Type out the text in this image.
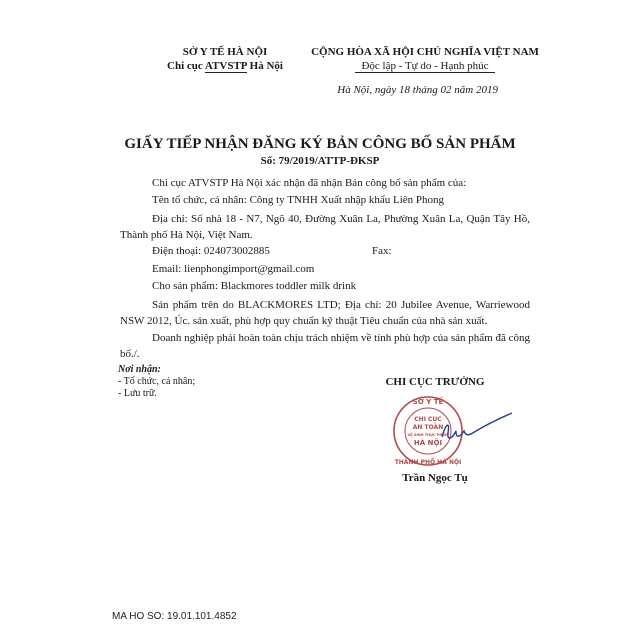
SỞ Y TẾ HÀ NỘI
Chi cục ATVSTP Hà Nội
CỘNG HÒA XÃ HỘI CHỦ NGHĨA VIỆT NAM
Độc lập - Tự do - Hạnh phúc
Hà Nội, ngày 18 tháng 02 năm 2019
GIẤY TIẾP NHẬN ĐĂNG KÝ BẢN CÔNG BỐ SẢN PHẨM
Số: 79/2019/ATTP-ĐKSP
Chi cục ATVSTP Hà Nội xác nhận đã nhận Bản công bố sản phẩm của:
Tên tổ chức, cá nhân: Công ty TNHH Xuất nhập khẩu Liên Phong
Địa chỉ: Số nhà 18 - N7, Ngõ 40, Đường Xuân La, Phường Xuân La, Quận Tây Hồ, Thành phố Hà Nội, Việt Nam.
Điện thoại: 024073002885	Fax:
Email: lienphongimport@gmail.com
Cho sản phẩm: Blackmores toddler milk drink
Sản phẩm trên do BLACKMORES LTD; Địa chỉ: 20 Jubilee Avenue, Warriewood NSW 2012, Úc. sản xuất, phù hợp quy chuẩn kỹ thuật Tiêu chuẩn của nhà sản xuất.
Doanh nghiệp phải hoàn toàn chịu trách nhiệm về tính phù hợp của sản phẩm đã công bố./.
Nơi nhận:
- Tổ chức, cá nhân;
- Lưu trữ.
CHI CỤC TRƯỞNG
SỞ Y TẾ
THÀNH PHỐ HÀ NỘI
CHI CỤC
AN TOÀN
VỆ SINH THỰC PHẨM
HÀ NỘI
Trần Ngọc Tụ
MA HO SO: 19.01.101.4852
